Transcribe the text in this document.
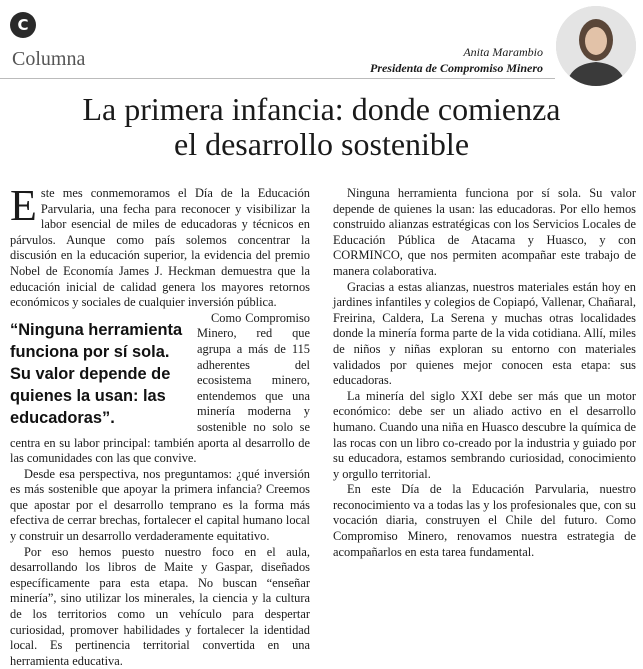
C
Columna	Anita Marambio
Presidenta de Compromiso Minero
La primera infancia: donde comienza
el desarrollo sostenible

Este mes conmemoramos el Día de la Educación Parvularia, una fecha para reconocer y visibilizar la labor esencial de miles de educadoras y técnicos en párvulos. Aunque como país solemos concentrar la discusión en la educación superior, la evidencia del premio Nobel de Economía James J. Heckman demuestra que la educación inicial de calidad genera los mayores retornos económicos y sociales de cualquier inversión pública.

“Ninguna herramienta funciona por sí sola. Su valor depende de quienes la usan: las educadoras”.

Como Compromiso Minero, red que agrupa a más de 115 adherentes del ecosistema minero, entendemos que una minería moderna y sostenible no solo se centra en su labor principal: también aporta al desarrollo de las comunidades con las que convive.

Desde esa perspectiva, nos preguntamos: ¿qué inversión es más sostenible que apoyar la primera infancia? Creemos que apostar por el desarrollo temprano es la forma más efectiva de cerrar brechas, fortalecer el capital humano local y construir un desarrollo verdaderamente equitativo.

Por eso hemos puesto nuestro foco en el aula, desarrollando los libros de Maite y Gaspar, diseñados específicamente para esta etapa. No buscan “enseñar minería”, sino utilizar los minerales, la ciencia y la cultura de los territorios como un vehículo para despertar curiosidad, promover habilidades y fortalecer la identidad local. Es pertinencia territorial convertida en una herramienta educativa.

Ninguna herramienta funciona por sí sola. Su valor depende de quienes la usan: las educadoras. Por ello hemos construido alianzas estratégicas con los Servicios Locales de Educación Pública de Atacama y Huasco, y con CORMINCO, que nos permiten acompañar este trabajo de manera colaborativa.

Gracias a estas alianzas, nuestros materiales están hoy en jardines infantiles y colegios de Copiapó, Vallenar, Chañaral, Freirina, Caldera, La Serena y muchas otras localidades donde la minería forma parte de la vida cotidiana. Allí, miles de niños y niñas exploran su entorno con materiales validados por quienes mejor conocen esta etapa: sus educadoras.

La minería del siglo XXI debe ser más que un motor económico: debe ser un aliado activo en el desarrollo humano. Cuando una niña en Huasco descubre la química de las rocas con un libro co-creado por la industria y guiado por su educadora, estamos sembrando curiosidad, conocimiento y orgullo territorial.

En este Día de la Educación Parvularia, nuestro reconocimiento va a todas las y los profesionales que, con su vocación diaria, construyen el Chile del futuro. Como Compromiso Minero, renovamos nuestra estrategia de acompañarlos en esta tarea fundamental.
